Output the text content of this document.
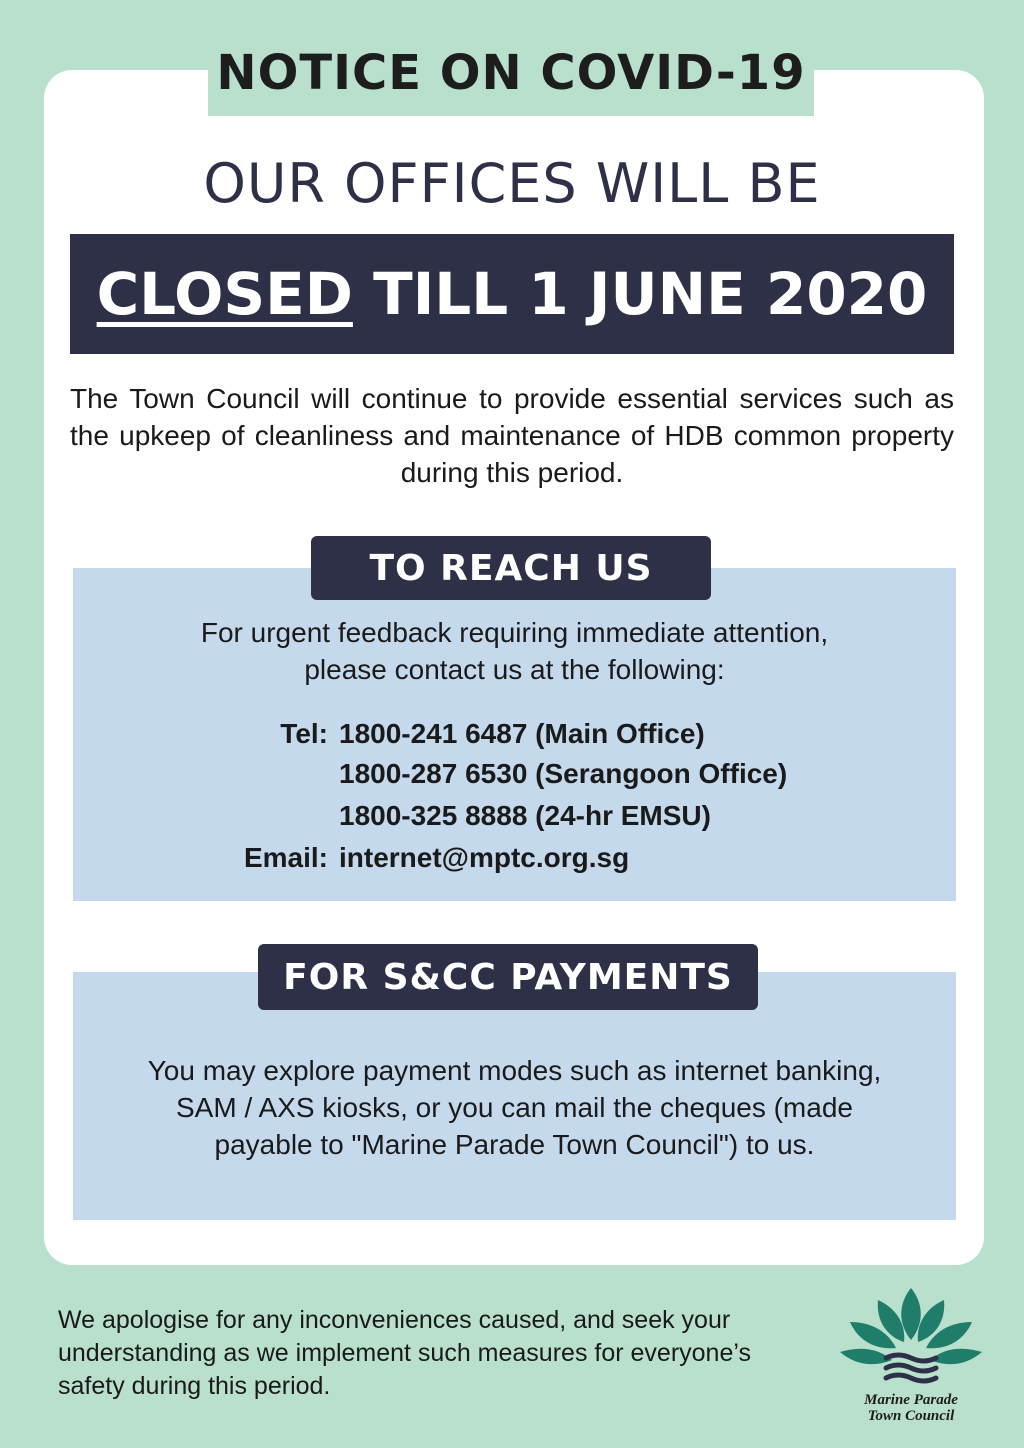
NOTICE ON COVID-19
OUR OFFICES WILL BE
CLOSED
TILL 1 JUNE 2020
The Town Council will continue to provide essential services such as the upkeep of cleanliness and maintenance of HDB common property during this period.
TO REACH US
For urgent feedback requiring immediate attention,
please contact us at the following:
Tel: 1800-241 6487 (Main Office)
1800-287 6530 (Serangoon Office)
1800-325 8888 (24-hr EMSU)
Email: internet@mptc.org.sg
FOR S&CC PAYMENTS
You may explore payment modes such as internet banking,
SAM / AXS kiosks, or you can mail the cheques (made
payable to "Marine Parade Town Council") to us.
We apologise for any inconveniences caused, and seek your
understanding as we implement such measures for everyone’s
safety during this period.	Marine Parade
Town Council
